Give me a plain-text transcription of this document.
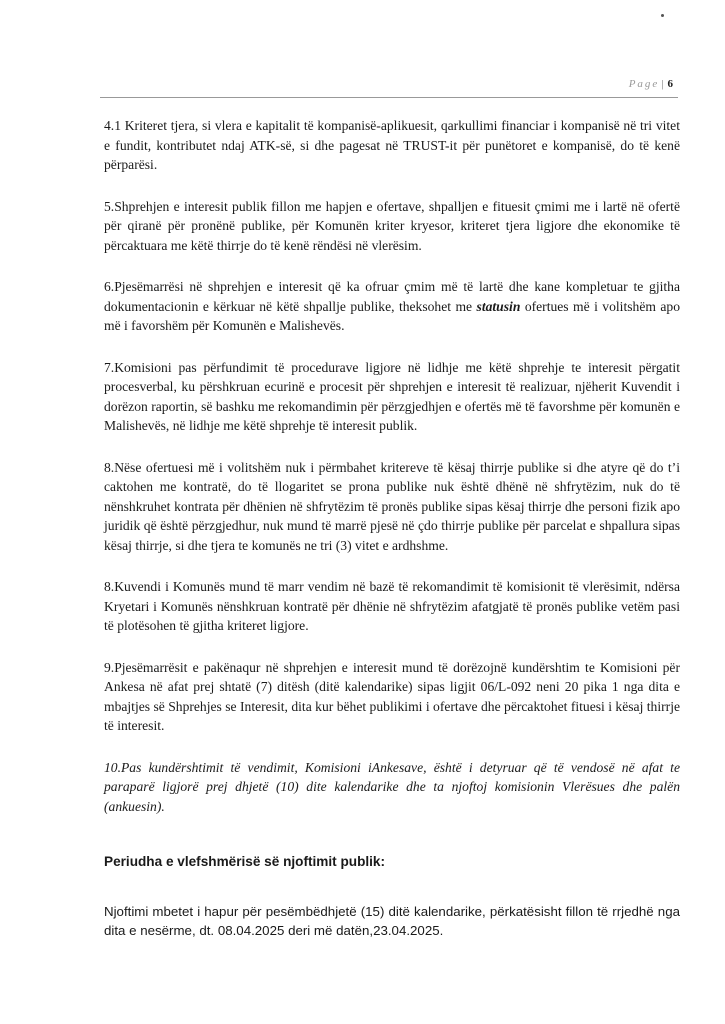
Page | 6

4.1 Kriteret tjera, si vlera e kapitalit të kompanisë-aplikuesit, qarkullimi financiar i kompanisë në tri vitet e fundit, kontributet ndaj ATK-së, si dhe pagesat në TRUST-it për punëtoret e kompanisë, do të kenë përparësi.

5.Shprehjen e interesit publik fillon me hapjen e ofertave, shpalljen e fituesit çmimi me i lartë në ofertë për qiranë për pronënë publike, për Komunën kriter kryesor, kriteret tjera ligjore dhe ekonomike të përcaktuara me këtë thirrje do të kenë rëndësi në vlerësim.

6.Pjesëmarrësi në shprehjen e interesit që ka ofruar çmim më të lartë dhe kane kompletuar te gjitha dokumentacionin e kërkuar në këtë shpallje publike, theksohet me statusin ofertues më i volitshëm apo më i favorshëm për Komunën e Malishevës.

7.Komisioni pas përfundimit të procedurave ligjore në lidhje me këtë shprehje te interesit përgatit procesverbal, ku përshkruan ecurinë e procesit për shprehjen e interesit të realizuar, njëherit Kuvendit i dorëzon raportin, së bashku me rekomandimin për përzgjedhjen e ofertës më të favorshme për komunën e Malishevës, në lidhje me këtë shprehje të interesit publik.

8.Nëse ofertuesi më i volitshëm nuk i përmbahet kritereve të kësaj thirrje publike si dhe atyre që do t’i caktohen me kontratë, do të llogaritet se prona publike nuk është dhënë në shfrytëzim, nuk do të nënshkruhet kontrata për dhënien në shfrytëzim të pronës publike sipas kësaj thirrje dhe personi fizik apo juridik që është përzgjedhur, nuk mund të marrë pjesë në çdo thirrje publike për parcelat e shpallura sipas kësaj thirrje, si dhe tjera te komunës ne tri (3) vitet e ardhshme.

8.Kuvendi i Komunës mund të marr vendim në bazë të rekomandimit të komisionit të vlerësimit, ndërsa Kryetari i Komunës nënshkruan kontratë për dhënie në shfrytëzim afatgjatë të pronës publike vetëm pasi të plotësohen të gjitha kriteret ligjore.

9.Pjesëmarrësit e pakënaqur në shprehjen e interesit mund të dorëzojnë kundërshtim te Komisioni për Ankesa në afat prej shtatë (7) ditësh (ditë kalendarike) sipas ligjit 06/L-092 neni 20 pika 1 nga dita e mbajtjes së Shprehjes se Interesit, dita kur bëhet publikimi i ofertave dhe përcaktohet fituesi i kësaj thirrje të interesit.

10.Pas kundërshtimit të vendimit, Komisioni iAnkesave, është i detyruar që të vendosë në afat te paraparë ligjorë prej dhjetë (10) dite kalendarike dhe ta njoftoj komisionin Vlerësues dhe palën (ankuesin).

Periudha e vlefshmërisë së njoftimit publik:

Njoftimi mbetet i hapur për pesëmbëdhjetë (15) ditë kalendarike, përkatësisht fillon të rrjedhë nga dita e nesërme, dt. 08.04.2025 deri më datën,23.04.2025.
